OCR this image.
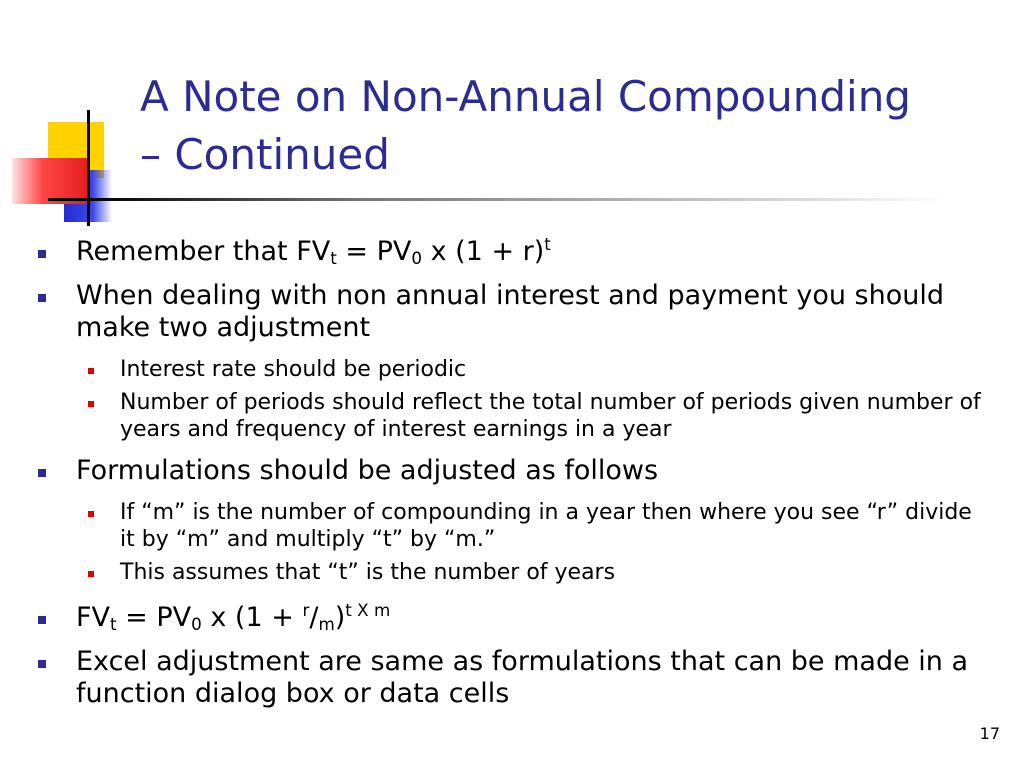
A Note on Non-Annual Compounding
– Continued
Remember that $FV_t = PV_0$ x $(1 + r)^t$
When dealing with non annual interest and payment you should make two adjustment
Interest rate should be periodic
Number of periods should reflect the total number of periods given number of years and frequency of interest earnings in a year
Formulations should be adjusted as follows
If “m” is the number of compounding in a year then where you see “r” divide it by “m” and multiply “t” by “m.”
This assumes that “t” is the number of years
$FV_t = PV_0$ x $(1 + ^r/_m)^{t X m}$
Excel adjustment are same as formulations that can be made in a function dialog box or data cells
17
